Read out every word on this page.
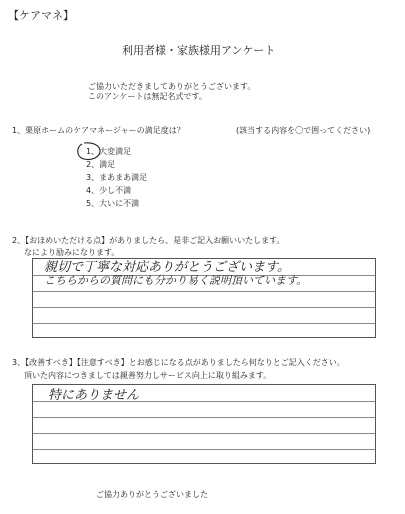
【ケアマネ】
利用者様・家族様用アンケート
ご協力いただきましてありがとうございます。
このアンケートは無記名式です。
1、栗原ホームのケアマネージャーの満足度は？	(該当する内容を〇で囲ってください)
1、大変満足
2、満足
3、まあまあ満足
4、少し不満
5、大いに不満
2、【おほめいただける点】がありましたら、是非ご記入お願いいたします。
なにより励みになります。
親切で丁寧な対応ありがとうございます。
こちらからの質問にも分かり易く説明頂いています。
3、【改善すべき】【注意すべき】とお感じになる点がありましたら何なりとご記入ください。
頂いた内容につきましては親善努力しサービス向上に取り組みます。
特にありません
ご協力ありがとうございました
